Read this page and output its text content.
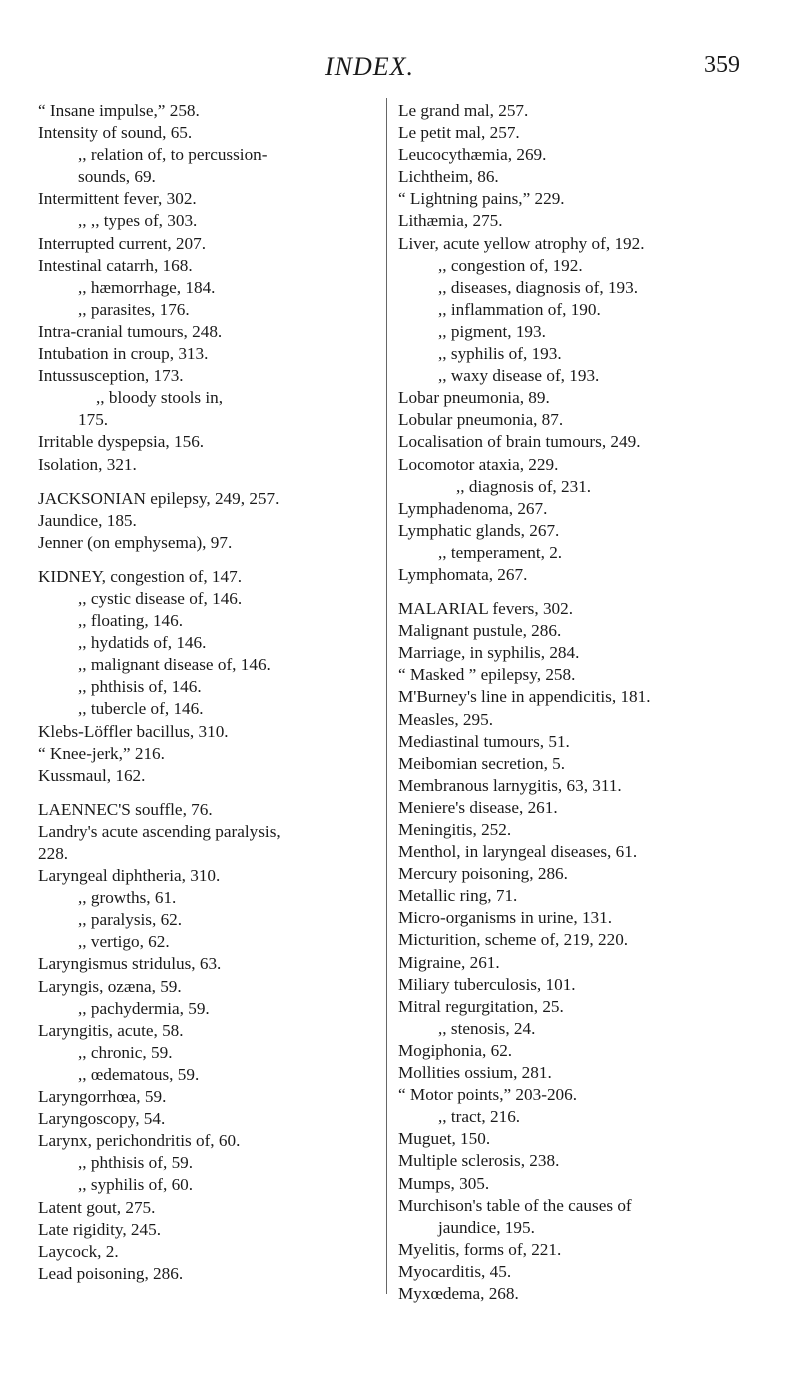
INDEX.	359
“ Insane impulse,” 258.
Intensity of sound, 65.
,, relation of, to percussion-
sounds, 69.
Intermittent fever, 302.
,, ,, types of, 303.
Interrupted current, 207.
Intestinal catarrh, 168.
,, hæmorrhage, 184.
,, parasites, 176.
Intra-cranial tumours, 248.
Intubation in croup, 313.
Intussusception, 173.
,, bloody stools in,
175.
Irritable dyspepsia, 156.
Isolation, 321.
JACKSONIAN epilepsy, 249, 257.
Jaundice, 185.
Jenner (on emphysema), 97.
KIDNEY, congestion of, 147.
,, cystic disease of, 146.
,, floating, 146.
,, hydatids of, 146.
,, malignant disease of, 146.
,, phthisis of, 146.
,, tubercle of, 146.
Klebs-Löffler bacillus, 310.
“ Knee-jerk,” 216.
Kussmaul, 162.
LAENNEC'S souffle, 76.
Landry's acute ascending paralysis,
228.
Laryngeal diphtheria, 310.
,, growths, 61.
,, paralysis, 62.
,, vertigo, 62.
Laryngismus stridulus, 63.
Laryngis, ozæna, 59.
,, pachydermia, 59.
Laryngitis, acute, 58.
,, chronic, 59.
,, œdematous, 59.
Laryngorrhœa, 59.
Laryngoscopy, 54.
Larynx, perichondritis of, 60.
,, phthisis of, 59.
,, syphilis of, 60.
Latent gout, 275.
Late rigidity, 245.
Laycock, 2.
Lead poisoning, 286.
Le grand mal, 257.
Le petit mal, 257.
Leucocythæmia, 269.
Lichtheim, 86.
“ Lightning pains,” 229.
Lithæmia, 275.
Liver, acute yellow atrophy of, 192.
,, congestion of, 192.
,, diseases, diagnosis of, 193.
,, inflammation of, 190.
,, pigment, 193.
,, syphilis of, 193.
,, waxy disease of, 193.
Lobar pneumonia, 89.
Lobular pneumonia, 87.
Localisation of brain tumours, 249.
Locomotor ataxia, 229.
,, diagnosis of, 231.
Lymphadenoma, 267.
Lymphatic glands, 267.
,, temperament, 2.
Lymphomata, 267.
MALARIAL fevers, 302.
Malignant pustule, 286.
Marriage, in syphilis, 284.
“ Masked ” epilepsy, 258.
M'Burney's line in appendicitis, 181.
Measles, 295.
Mediastinal tumours, 51.
Meibomian secretion, 5.
Membranous larnygitis, 63, 311.
Meniere's disease, 261.
Meningitis, 252.
Menthol, in laryngeal diseases, 61.
Mercury poisoning, 286.
Metallic ring, 71.
Micro-organisms in urine, 131.
Micturition, scheme of, 219, 220.
Migraine, 261.
Miliary tuberculosis, 101.
Mitral regurgitation, 25.
,, stenosis, 24.
Mogiphonia, 62.
Mollities ossium, 281.
“ Motor points,” 203-206.
,, tract, 216.
Muguet, 150.
Multiple sclerosis, 238.
Mumps, 305.
Murchison's table of the causes of
jaundice, 195.
Myelitis, forms of, 221.
Myocarditis, 45.
Myxœdema, 268.
